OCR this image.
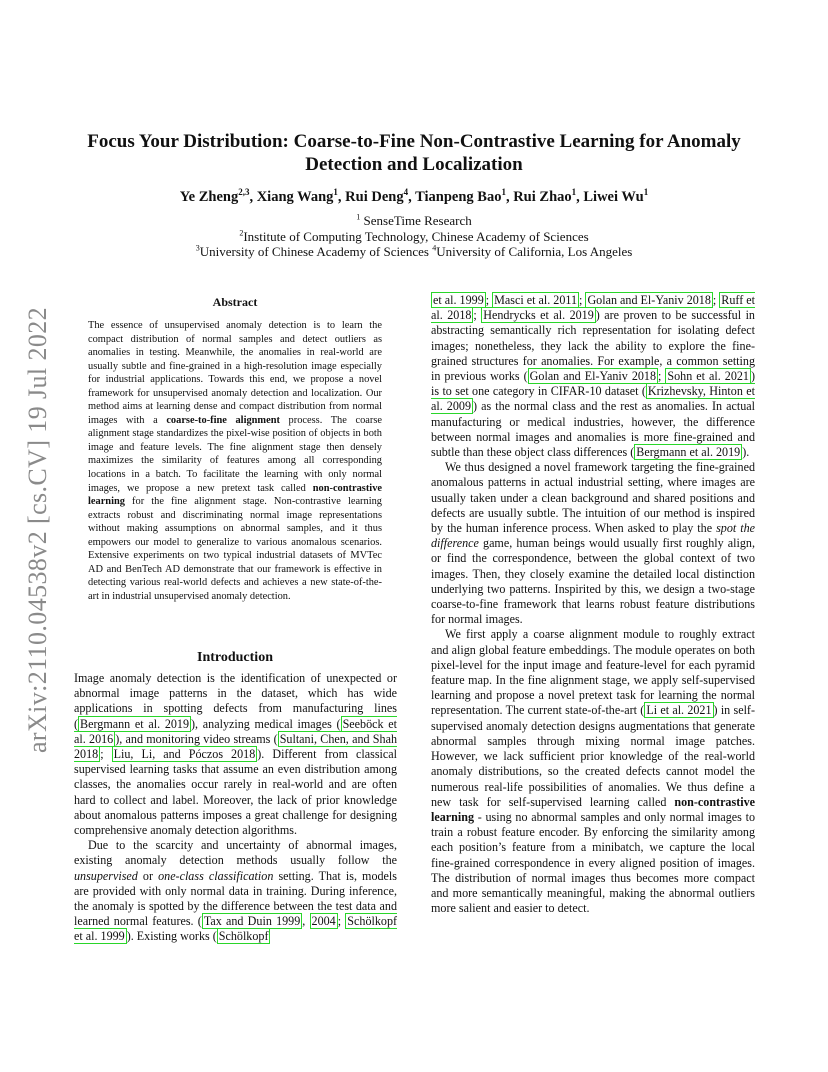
arXiv:2110.04538v2 [cs.CV] 19 Jul 2022
Focus Your Distribution: Coarse-to-Fine Non-Contrastive Learning for Anomaly Detection and Localization
Ye Zheng$^{2,3}$, Xiang Wang$^1$, Rui Deng$^4$, Tianpeng Bao$^1$, Rui Zhao$^1$, Liwei Wu$^1$
$^1$ SenseTime Research
$^2$Institute of Computing Technology, Chinese Academy of Sciences
$^3$University of Chinese Academy of Sciences $^4$University of California, Los Angeles
Abstract

The essence of unsupervised anomaly detection is to learn the compact distribution of normal samples and detect outliers as anomalies in testing. Meanwhile, the anomalies in real-world are usually subtle and fine-grained in a high-resolution image especially for industrial applications. Towards this end, we propose a novel framework for unsupervised anomaly detection and localization. Our method aims at learning dense and compact distribution from normal images with a coarse-to-fine alignment process. The coarse alignment stage standardizes the pixel-wise position of objects in both image and feature levels. The fine alignment stage then densely maximizes the similarity of features among all corresponding locations in a batch. To facilitate the learning with only normal images, we propose a new pretext task called non-contrastive learning for the fine alignment stage. Non-contrastive learning extracts robust and discriminating normal image representations without making assumptions on abnormal samples, and it thus empowers our model to generalize to various anomalous scenarios. Extensive experiments on two typical industrial datasets of MVTec AD and BenTech AD demonstrate that our framework is effective in detecting various real-world defects and achieves a new state-of-the-art in industrial unsupervised anomaly detection.

Introduction

Image anomaly detection is the identification of unexpected or abnormal image patterns in the dataset, which has wide applications in spotting defects from manufacturing lines ( Bergmann et al. 2019 ), analyzing medical images ( Seeböck et al. 2016 ), and monitoring video streams ( Sultani, Chen, and Shah 2018 ; Liu, Li, and Póczos 2018 ). Different from classical supervised learning tasks that assume an even distribution among classes, the anomalies occur rarely in real-world and are often hard to collect and label. Moreover, the lack of prior knowledge about anomalous patterns imposes a great challenge for designing comprehensive anomaly detection algorithms.

Due to the scarcity and uncertainty of abnormal images, existing anomaly detection methods usually follow the unsupervised or one-class classification setting. That is, models are provided with only normal data in training. During inference, the anomaly is spotted by the difference between the test data and learned normal features. ( Tax and Duin 1999 , 2004 ; Schölkopf et al. 1999 ). Existing works ( Schölkopf

et al. 1999 ; Masci et al. 2011 ; Golan and El-Yaniv 2018 ; Ruff et al. 2018 ; Hendrycks et al. 2019 ) are proven to be successful in abstracting semantically rich representation for isolating defect images; nonetheless, they lack the ability to explore the fine-grained structures for anomalies. For example, a common setting in previous works ( Golan and El-Yaniv 2018 ; Sohn et al. 2021 ) is to set one category in CIFAR-10 dataset ( Krizhevsky, Hinton et al. 2009 ) as the normal class and the rest as anomalies. In actual manufacturing or medical industries, however, the difference between normal images and anomalies is more fine-grained and subtle than these object class differences ( Bergmann et al. 2019 ).

We thus designed a novel framework targeting the fine-grained anomalous patterns in actual industrial setting, where images are usually taken under a clean background and shared positions and defects are usually subtle. The intuition of our method is inspired by the human inference process. When asked to play the spot the difference game, human beings would usually first roughly align, or find the correspondence, between the global context of two images. Then, they closely examine the detailed local distinction underlying two patterns. Inspirited by this, we design a two-stage coarse-to-fine framework that learns robust feature distributions for normal images.

We first apply a coarse alignment module to roughly extract and align global feature embeddings. The module operates on both pixel-level for the input image and feature-level for each pyramid feature map. In the fine alignment stage, we apply self-supervised learning and propose a novel pretext task for learning the normal representation. The current state-of-the-art ( Li et al. 2021 ) in self-supervised anomaly detection designs augmentations that generate abnormal samples through mixing normal image patches. However, we lack sufficient prior knowledge of the real-world anomaly distributions, so the created defects cannot model the numerous real-life possibilities of anomalies. We thus define a new task for self-supervised learning called non-contrastive learning - using no abnormal samples and only normal images to train a robust feature encoder. By enforcing the similarity among each position’s feature from a minibatch, we capture the local fine-grained correspondence in every aligned position of images. The distribution of normal images thus becomes more compact and more semantically meaningful, making the abnormal outliers more salient and easier to detect.
